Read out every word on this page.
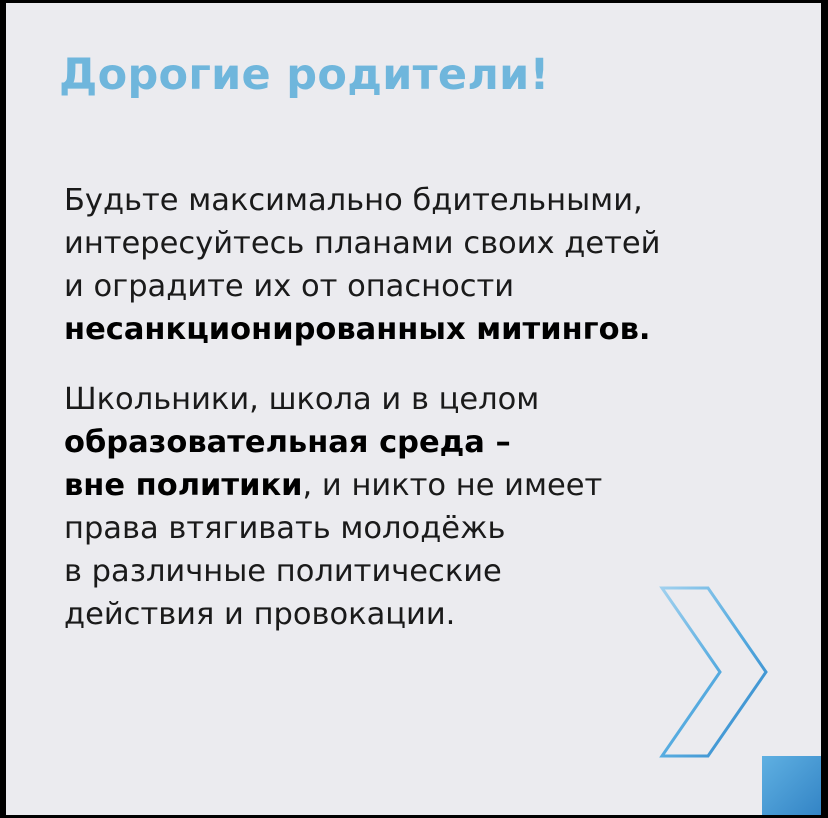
Дорогие родители!
Будьте максимально бдительными,
интересуйтесь планами своих детей
и оградите их от опасности
несанкционированных митингов.
Школьники, школа и в целом
образовательная среда –
вне политики, и никто не имеет
права втягивать молодёжь
в различные политические
действия и провокации.
